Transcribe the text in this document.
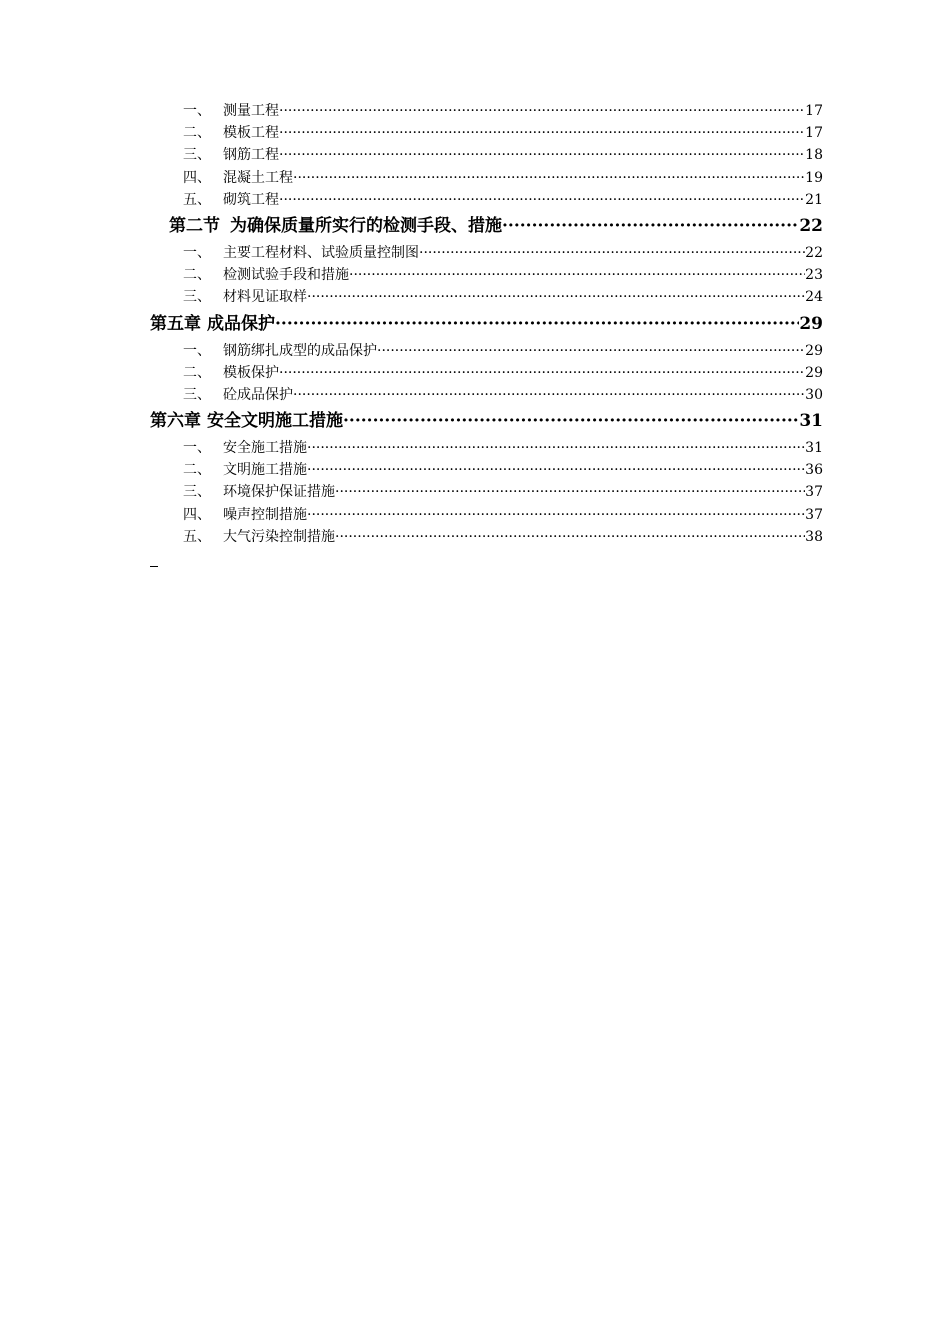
一、 测量工程 ·····	17
二、 模板工程 ·····	17
三、 钢筋工程 ·····	18
四、 混凝土工程 ·····	19
五、 砌筑工程 ·····	21
第二节 为确保质量所实行的检测手段、措施 ·····	22
一、 主要工程材料、试验质量控制图 ·····	22
二、 检测试验手段和措施 ·····	23
三、 材料见证取样 ·····	24
第五章 成品保护 ·····	29
一、 钢筋绑扎成型的成品保护 ·····	29
二、 模板保护 ·····	29
三、 砼成品保护 ·····	30
第六章 安全文明施工措施 ·····	31
一、 安全施工措施 ·····	31
二、 文明施工措施 ·····	36
三、 环境保护保证措施 ·····	37
四、 噪声控制措施 ·····	37
五、 大气污染控制措施 ·····	38
